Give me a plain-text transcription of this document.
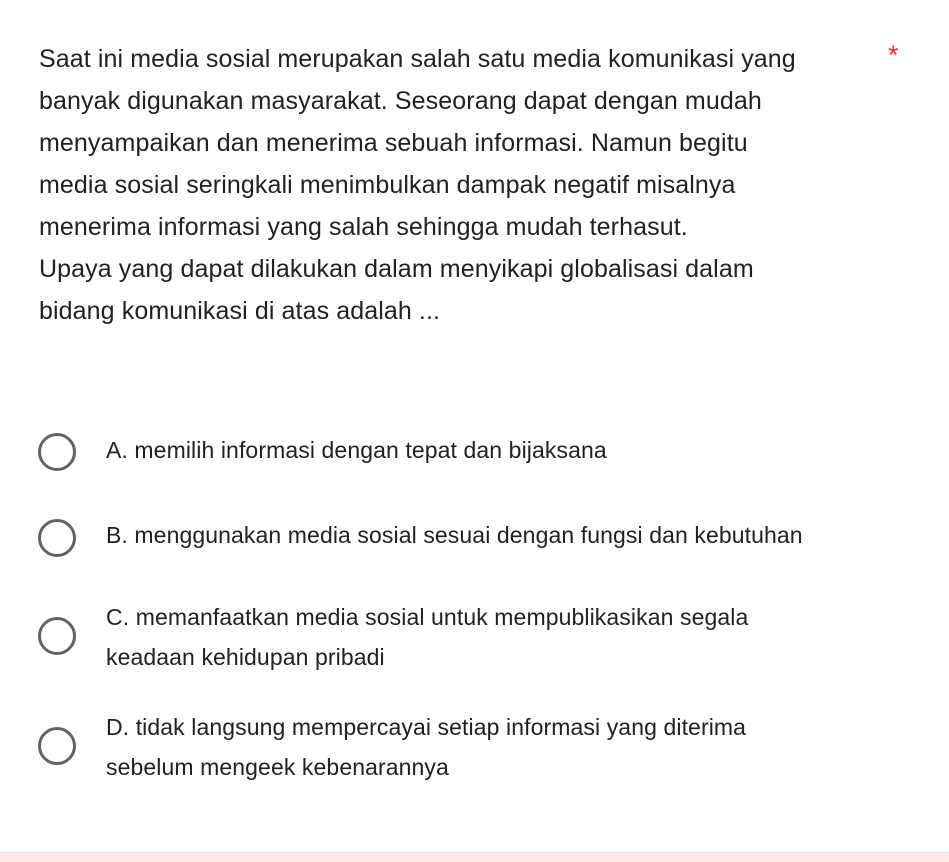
Saat ini media sosial merupakan salah satu media komunikasi yang
banyak digunakan masyarakat. Seseorang dapat dengan mudah
menyampaikan dan menerima sebuah informasi. Namun begitu
media sosial seringkali menimbulkan dampak negatif misalnya
menerima informasi yang salah sehingga mudah terhasut.
Upaya yang dapat dilakukan dalam menyikapi globalisasi dalam
bidang komunikasi di atas adalah ...
*
A. memilih informasi dengan tepat dan bijaksana
B. menggunakan media sosial sesuai dengan fungsi dan kebutuhan
C. memanfaatkan media sosial untuk mempublikasikan segala
keadaan kehidupan pribadi
D. tidak langsung mempercayai setiap informasi yang diterima
sebelum mengeek kebenarannya
